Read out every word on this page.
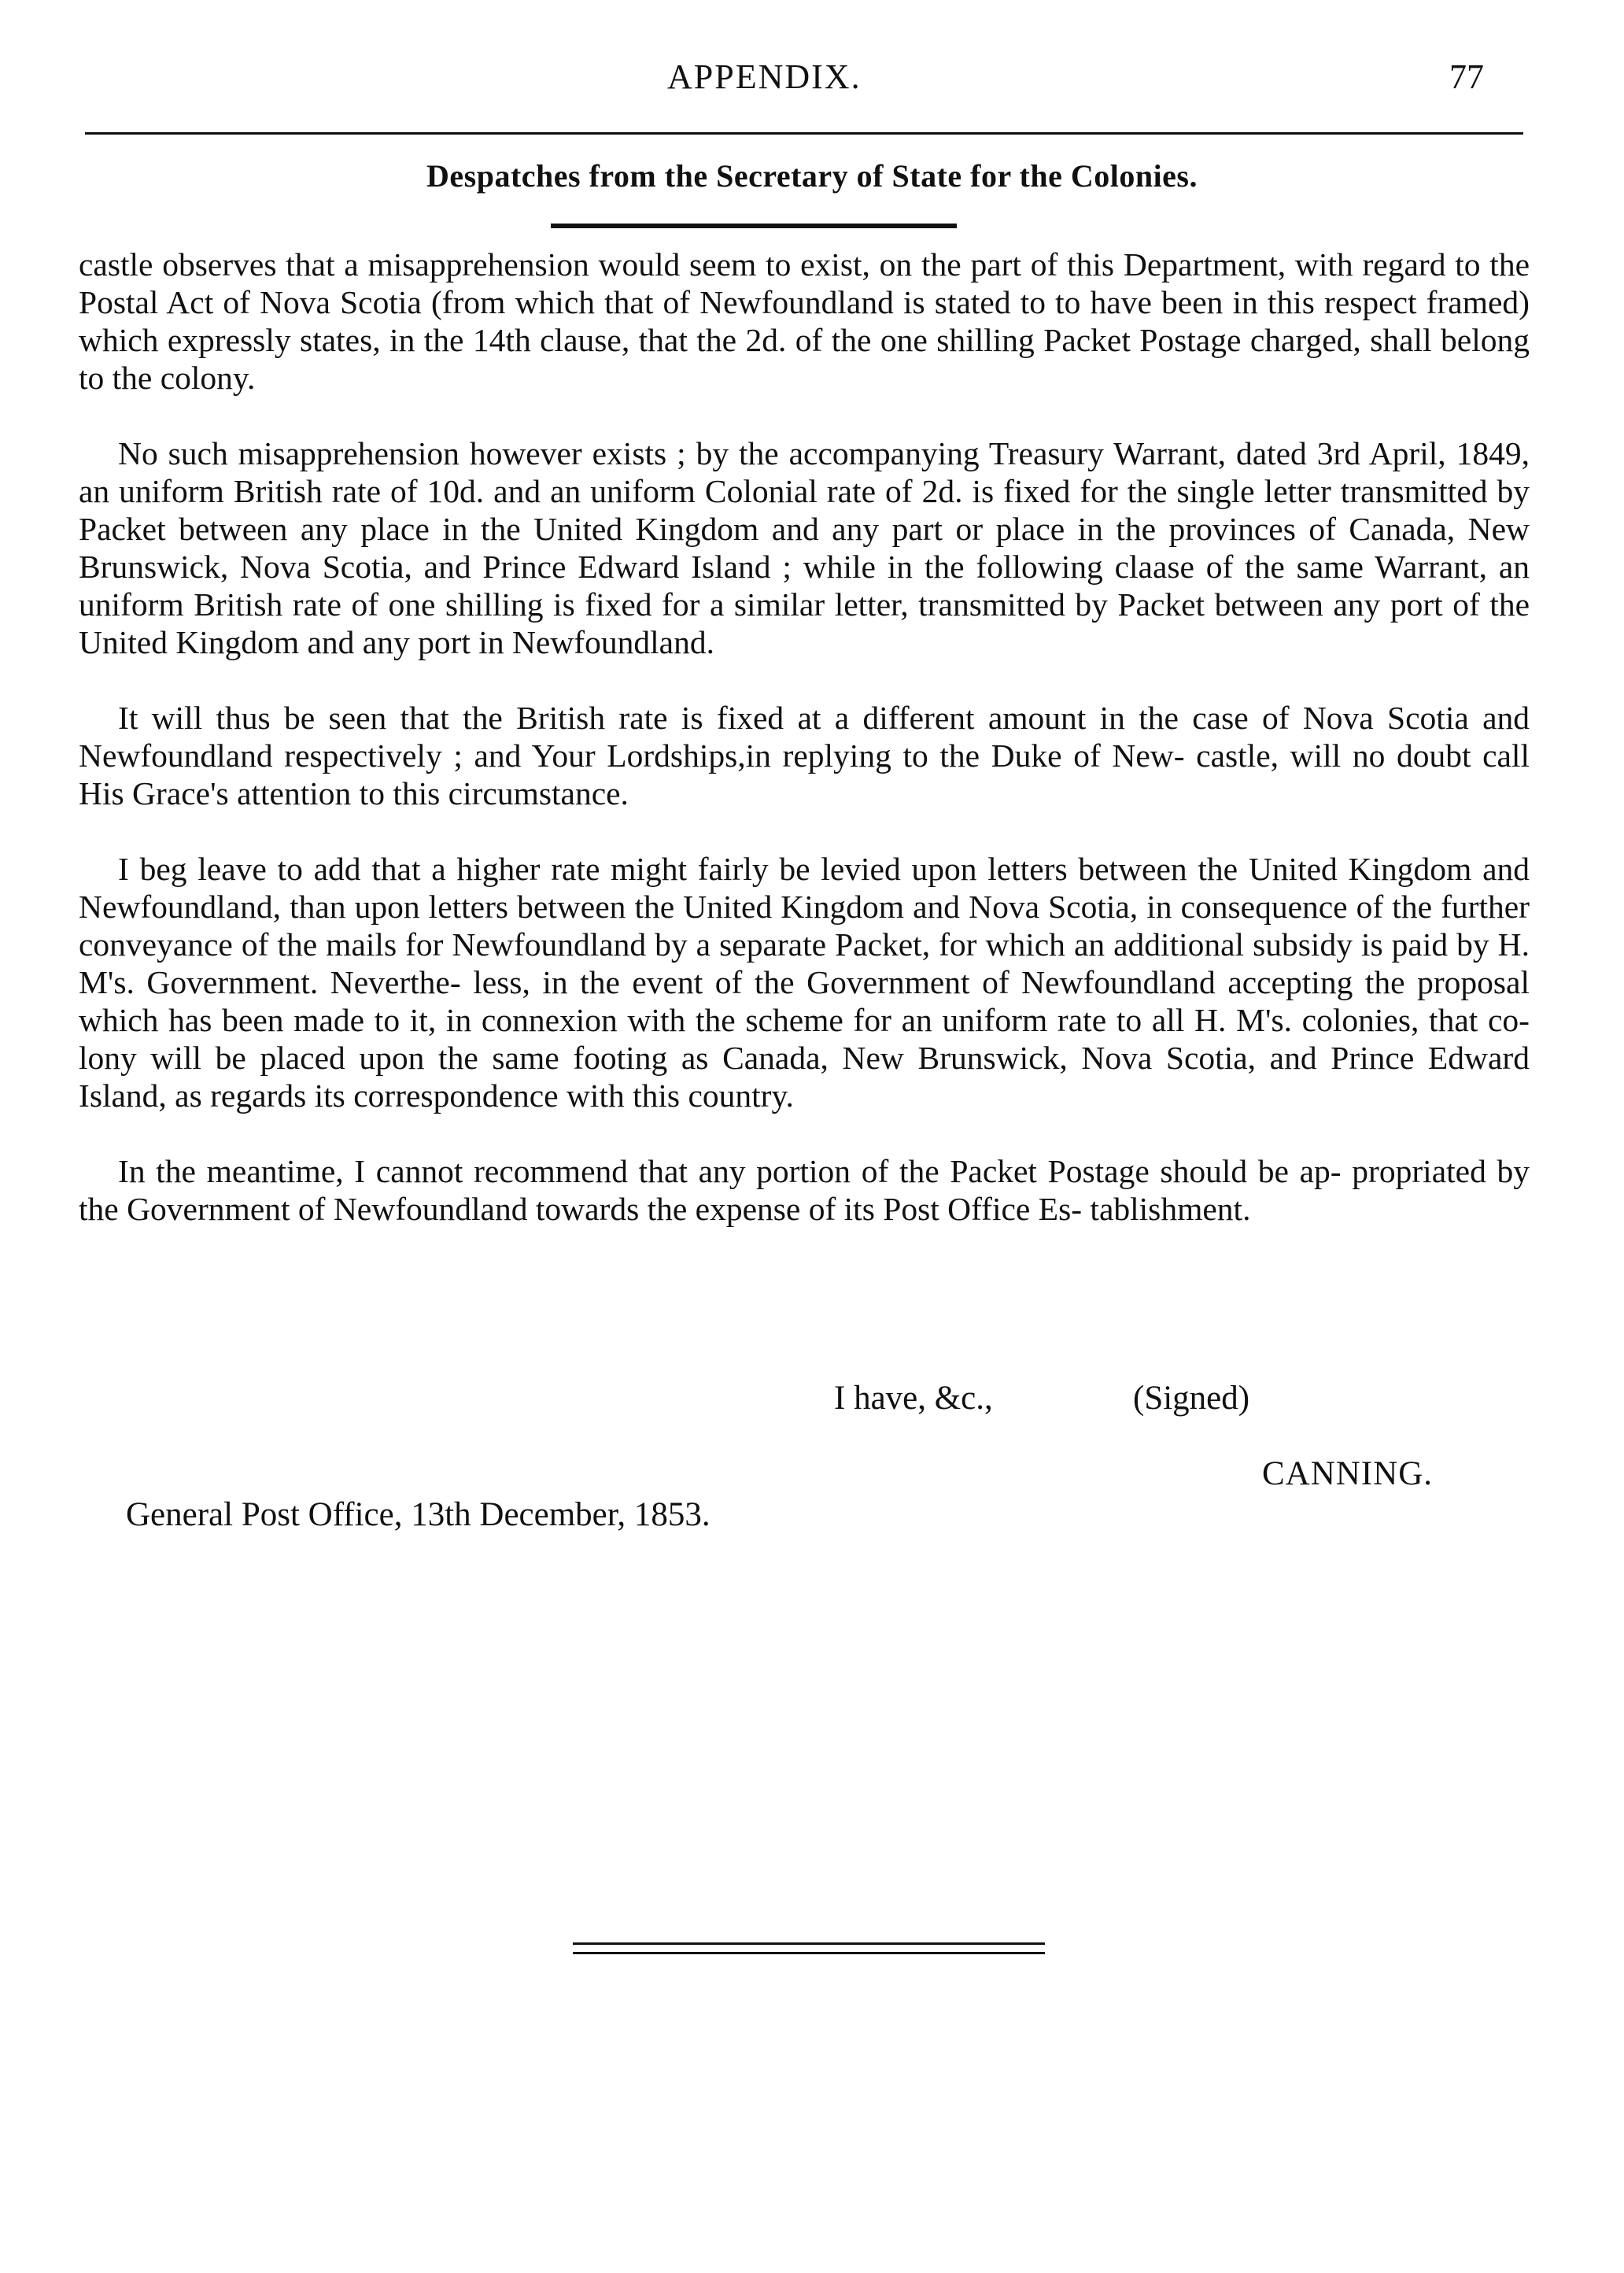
APPENDIX.	77
Despatches from the Secretary of State for the Colonies.

castle observes that a misapprehension would seem to exist, on the part of this Department, with regard to the Postal Act of Nova Scotia (from which that of Newfoundland is stated to to have been in this respect framed) which expressly states, in the 14th clause, that the 2d. of the one shilling Packet Postage charged, shall belong to the colony.

No such misapprehension however exists ; by the accompanying Treasury Warrant, dated 3rd April, 1849, an uniform British rate of 10d. and an uniform Colonial rate of 2d. is fixed for the single letter transmitted by Packet between any place in the United Kingdom and any part or place in the provinces of Canada, New Brunswick, Nova Scotia, and Prince Edward Island ; while in the following claase of the same Warrant, an uniform British rate of one shilling is fixed for a similar letter, transmitted by Packet between any port of the United Kingdom and any port in Newfoundland.

It will thus be seen that the British rate is fixed at a different amount in the case of Nova Scotia and Newfoundland respectively ; and Your Lordships,in replying to the Duke of New- castle, will no doubt call His Grace's attention to this circumstance.

I beg leave to add that a higher rate might fairly be levied upon letters between the United Kingdom and Newfoundland, than upon letters between the United Kingdom and Nova Scotia, in consequence of the further conveyance of the mails for Newfoundland by a separate Packet, for which an additional subsidy is paid by H. M's. Government. Neverthe- less, in the event of the Government of Newfoundland accepting the proposal which has been made to it, in connexion with the scheme for an uniform rate to all H. M's. colonies, that co- lony will be placed upon the same footing as Canada, New Brunswick, Nova Scotia, and Prince Edward Island, as regards its correspondence with this country.

In the meantime, I cannot recommend that any portion of the Packet Postage should be ap- propriated by the Government of Newfoundland towards the expense of its Post Office Es- tablishment.

I have, &c.,	(Signed)
CANNING.
General Post Office, 13th December, 1853.
